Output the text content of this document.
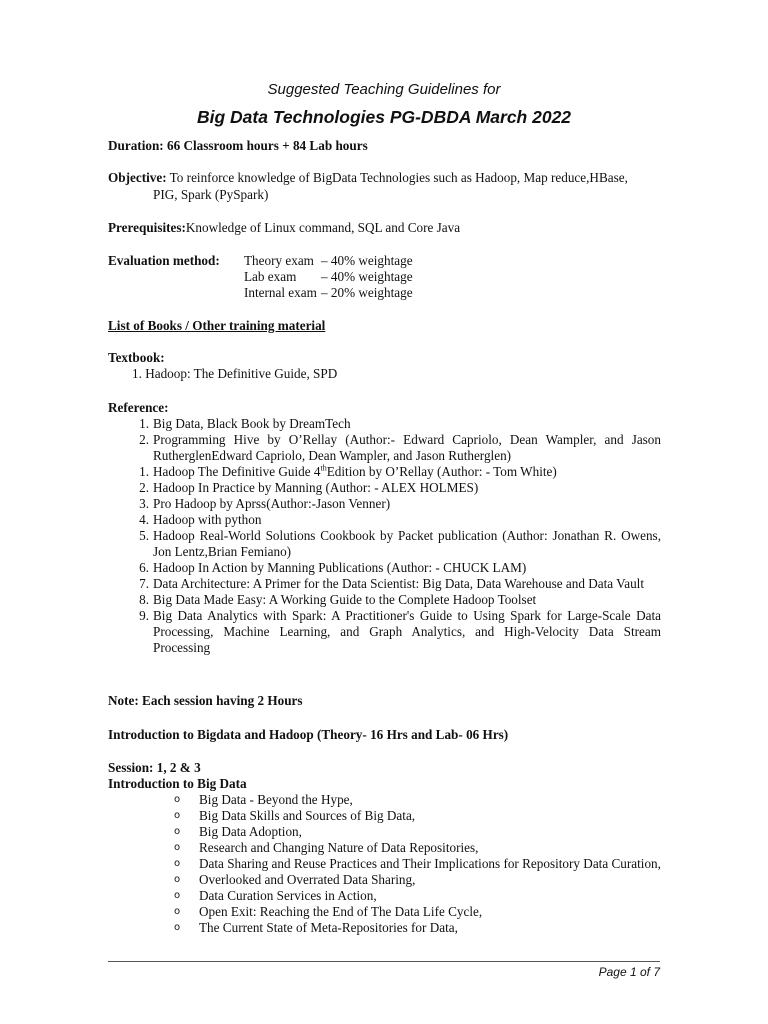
Suggested Teaching Guidelines for
Big Data Technologies PG-DBDA March 2022
Duration: 66 Classroom hours + 84 Lab hours
Objective: To reinforce knowledge of BigData Technologies such as Hadoop, Map reduce,HBase,
PIG, Spark (PySpark)
Prerequisites:Knowledge of Linux command, SQL and Core Java
Evaluation method: Theory exam – 40% weightage
Lab exam – 40% weightage
Internal exam – 20% weightage
List of Books / Other training material
Textbook:
1. Hadoop: The Definitive Guide, SPD
Reference:
1. Big Data, Black Book by DreamTech
2. Programming Hive by O’Rellay (Author:- Edward Capriolo, Dean Wampler, and Jason RutherglenEdward Capriolo, Dean Wampler, and Jason Rutherglen)
1. Hadoop The Definitive Guide 4thEdition by O’Rellay (Author: - Tom White)
2. Hadoop In Practice by Manning (Author: - ALEX HOLMES)
3. Pro Hadoop by Aprss(Author:-Jason Venner)
4. Hadoop with python
5. Hadoop Real-World Solutions Cookbook by Packet publication (Author: Jonathan R. Owens, Jon Lentz,Brian Femiano)
6. Hadoop In Action by Manning Publications (Author: - CHUCK LAM)
7. Data Architecture: A Primer for the Data Scientist: Big Data, Data Warehouse and Data Vault
8. Big Data Made Easy: A Working Guide to the Complete Hadoop Toolset
9. Big Data Analytics with Spark: A Practitioner's Guide to Using Spark for Large-Scale Data Processing, Machine Learning, and Graph Analytics, and High-Velocity Data Stream Processing
Note: Each session having 2 Hours
Introduction to Bigdata and Hadoop (Theory- 16 Hrs and Lab- 06 Hrs)
Session: 1, 2 & 3
Introduction to Big Data
o Big Data - Beyond the Hype,
o Big Data Skills and Sources of Big Data,
o Big Data Adoption,
o Research and Changing Nature of Data Repositories,
o Data Sharing and Reuse Practices and Their Implications for Repository Data Curation,
o Overlooked and Overrated Data Sharing,
o Data Curation Services in Action,
o Open Exit: Reaching the End of The Data Life Cycle,
o The Current State of Meta-Repositories for Data,
Page 1 of 7
